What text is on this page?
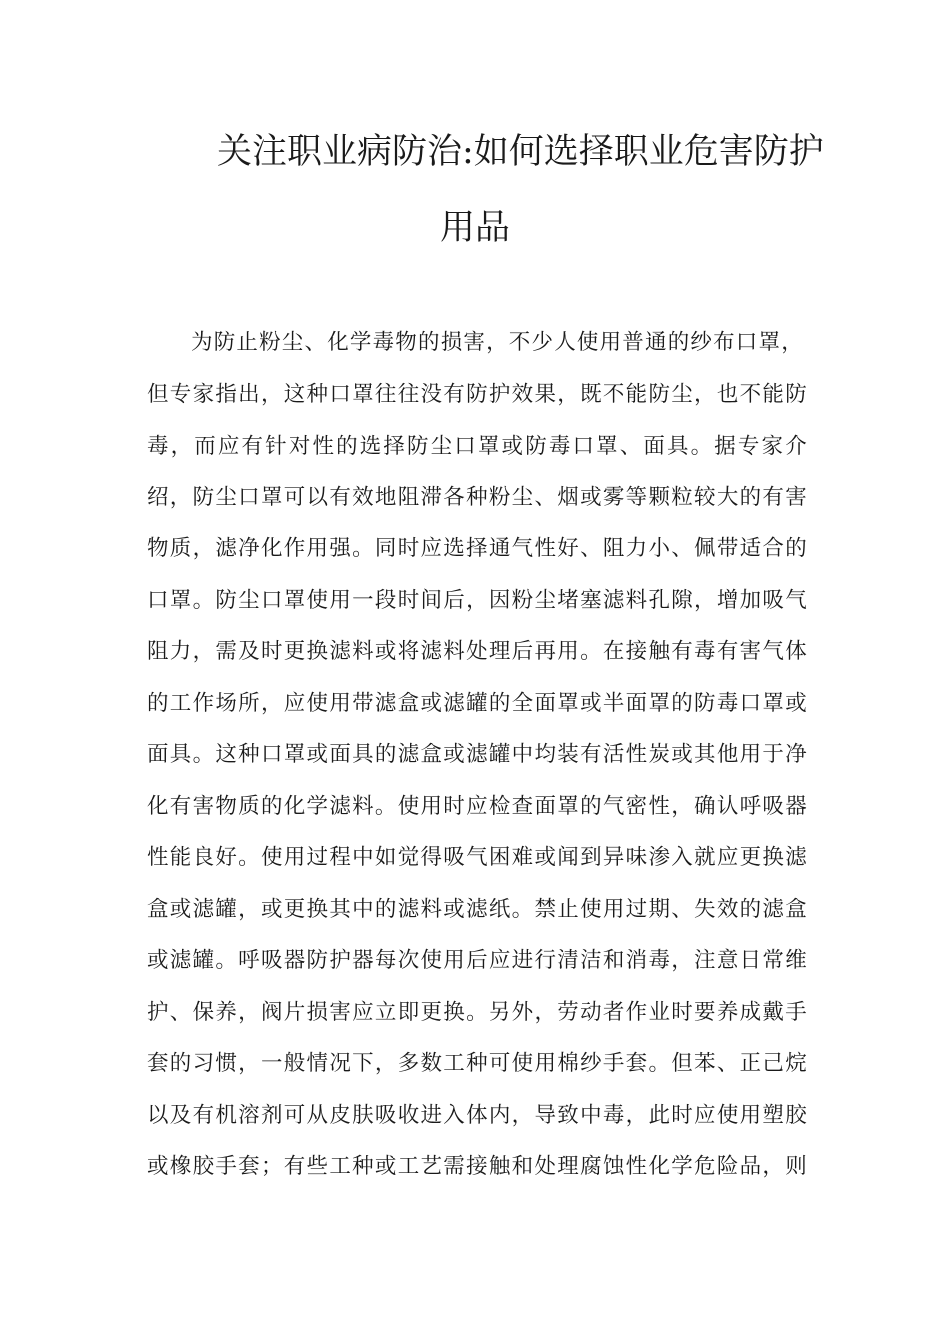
关注职业病防治:如何选择职业危害防护
用品
为防止粉尘、化学毒物的损害，不少人使用普通的纱布口罩，
但专家指出，这种口罩往往没有防护效果，既不能防尘，也不能防
毒，而应有针对性的选择防尘口罩或防毒口罩、面具。据专家介
绍，防尘口罩可以有效地阻滞各种粉尘、烟或雾等颗粒较大的有害
物质，滤净化作用强。同时应选择通气性好、阻力小、佩带适合的
口罩。防尘口罩使用一段时间后，因粉尘堵塞滤料孔隙，增加吸气
阻力，需及时更换滤料或将滤料处理后再用。在接触有毒有害气体
的工作场所，应使用带滤盒或滤罐的全面罩或半面罩的防毒口罩或
面具。这种口罩或面具的滤盒或滤罐中均装有活性炭或其他用于净
化有害物质的化学滤料。使用时应检查面罩的气密性，确认呼吸器
性能良好。使用过程中如觉得吸气困难或闻到异味渗入就应更换滤
盒或滤罐，或更换其中的滤料或滤纸。禁止使用过期、失效的滤盒
或滤罐。呼吸器防护器每次使用后应进行清洁和消毒，注意日常维
护、保养，阀片损害应立即更换。另外，劳动者作业时要养成戴手
套的习惯，一般情况下，多数工种可使用棉纱手套。但苯、正己烷
以及有机溶剂可从皮肤吸收进入体内，导致中毒，此时应使用塑胶
或橡胶手套；有些工种或工艺需接触和处理腐蚀性化学危险品，则
